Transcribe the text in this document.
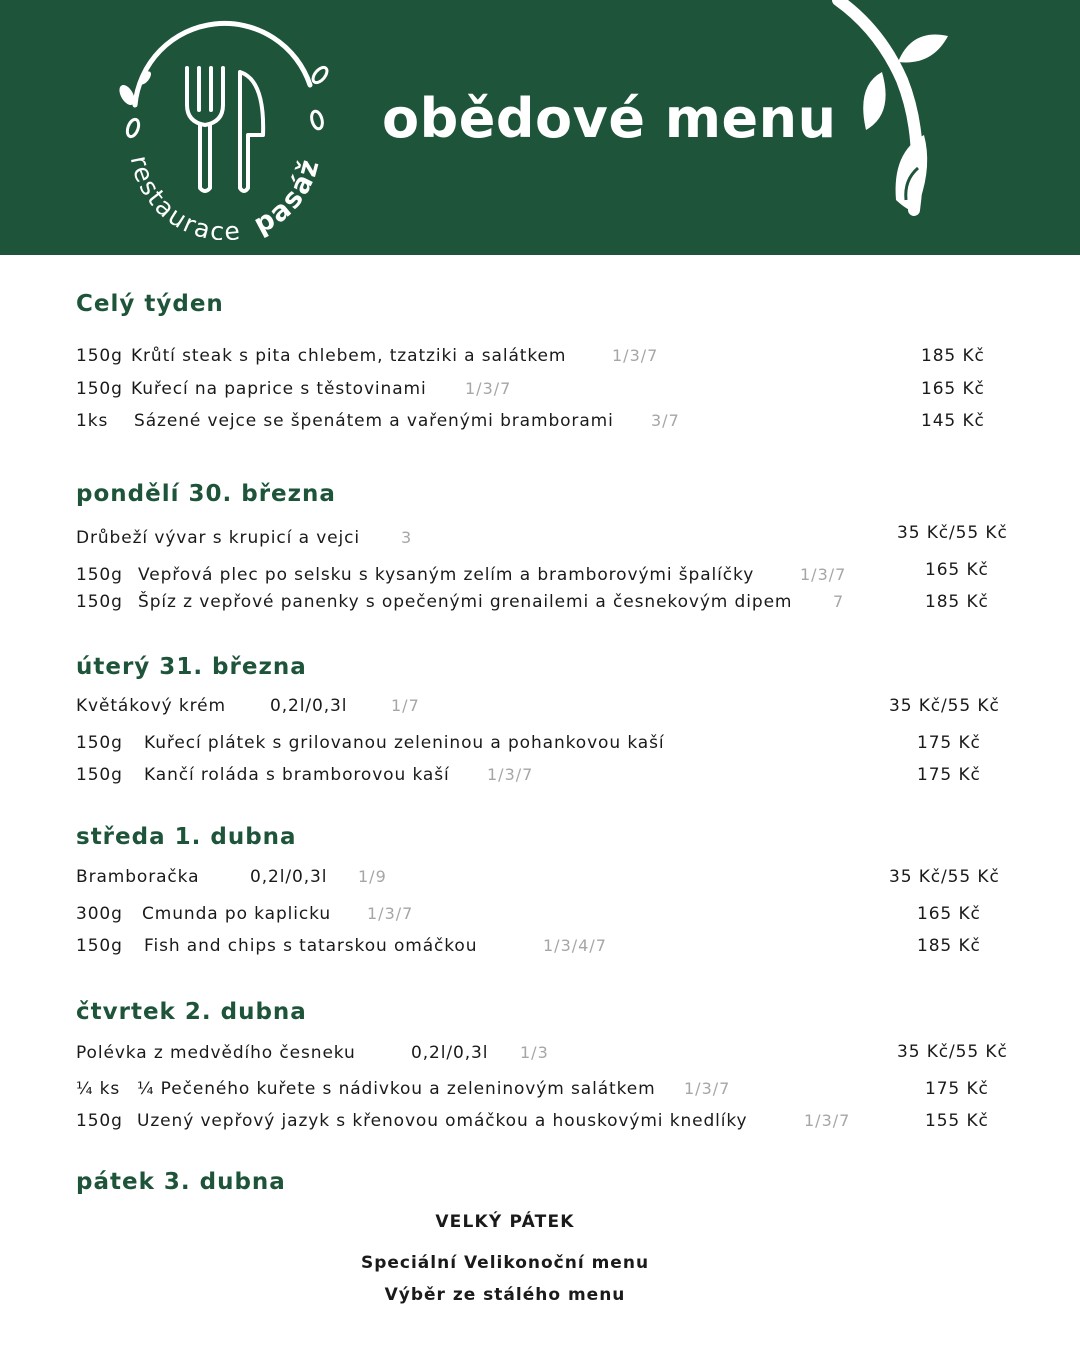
restaurace pasáž
obědové menu
Celý týden
150g Krůtí steak s pita chlebem, tzatziki a salátkem	1/3/7	185 Kč
150g Kuřecí na paprice s těstovinami 1/3/7	165 Kč
1ks Sázené vejce se špenátem a vařenými bramborami 3/7	145 Kč
pondělí 30. března
Drůbeží vývar s krupicí a vejci	3	35 Kč/55 Kč
150g Vepřová plec po selsku s kysaným zelím a bramborovými špalíčky	1/3/7	165 Kč
150g Špíz z vepřové panenky s opečenými grenailemi a česnekovým dipem	7	185 Kč
úterý 31. března
Květákový krém	0,2l/0,3l	1/7	35 Kč/55 Kč
150g Kuřecí plátek s grilovanou zeleninou a pohankovou kaší	175 Kč
150g Kančí roláda s bramborovou kaší 1/3/7	175 Kč
středa 1. dubna
Bramboračka	0,2l/0,3l 1/9	35 Kč/55 Kč
300g Cmunda po kaplicku 1/3/7	165 Kč
150g Fish and chips s tatarskou omáčkou	1/3/4/7	185 Kč
čtvrtek 2. dubna
Polévka z medvědího česneku	0,2l/0,3l 1/3	35 Kč/55 Kč
¼ ks ¼ Pečeného kuřete s nádivkou a zeleninovým salátkem 1/3/7	175 Kč
150g Uzený vepřový jazyk s křenovou omáčkou a houskovými knedlíky	1/3/7	155 Kč
pátek 3. dubna
VELKÝ PÁTEK
Speciální Velikonoční menu
Výběr ze stálého menu
